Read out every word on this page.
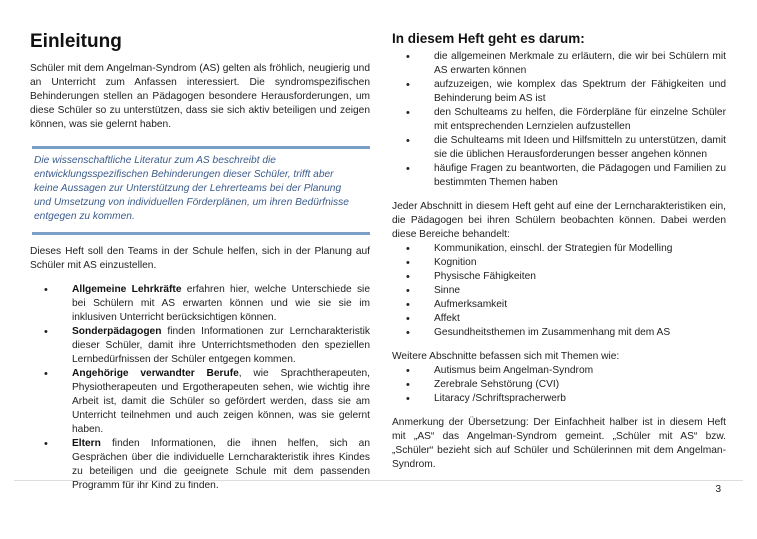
Einleitung

Schüler mit dem Angelman-Syndrom (AS) gelten als fröhlich, neugierig und an Unterricht zum Anfassen interessiert. Die syndromspezifischen Behinderungen stellen an Pädagogen besondere Herausforderungen, um diese Schüler so zu unterstützen, dass sie sich aktiv beteiligen und zeigen können, was sie gelernt haben.

Die wissenschaftliche Literatur zum AS beschreibt die entwicklungsspezifischen Behinderungen dieser Schüler, trifft aber keine Aussagen zur Unterstützung der Lehrerteams bei der Planung und Umsetzung von individuellen Förderplänen, um ihren Bedürfnisse entgegen zu kommen.

Dieses Heft soll den Teams in der Schule helfen, sich in der Planung auf Schüler mit AS einzustellen.

• Allgemeine Lehrkräfte erfahren hier, welche Unterschiede sie bei Schülern mit AS erwarten können und wie sie sie im inklusiven Unterricht berücksichtigen können.
• Sonderpädagogen finden Informationen zur Lerncharakteristik dieser Schüler, damit ihre Unterrichtsmethoden den speziellen Lernbedürfnissen der Schüler entgegen kommen.
• Angehörige verwandter Berufe, wie Sprachtherapeuten, Physiotherapeuten und Ergotherapeuten sehen, wie wichtig ihre Arbeit ist, damit die Schüler so gefördert werden, dass sie am Unterricht teilnehmen und auch zeigen können, was sie gelernt haben.
• Eltern finden Informationen, die ihnen helfen, sich an Gesprächen über die individuelle Lerncharakteristik ihres Kindes zu beteiligen und die geeignete Schule mit dem passenden Programm für ihr Kind zu finden.
In diesem Heft geht es darum:
• die allgemeinen Merkmale zu erläutern, die wir bei Schülern mit AS erwarten können
• aufzuzeigen, wie komplex das Spektrum der Fähigkeiten und Behinderung beim AS ist
• den Schulteams zu helfen, die Förderpläne für einzelne Schüler mit entsprechenden Lernzielen aufzustellen
• die Schulteams mit Ideen und Hilfsmitteln zu unterstützen, damit sie die üblichen Herausforderungen besser angehen können
• häufige Fragen zu beantworten, die Pädagogen und Familien zu bestimmten Themen haben

Jeder Abschnitt in diesem Heft geht auf eine der Lerncharakteristiken ein, die Pädagogen bei ihren Schülern beobachten können. Dabei werden diese Bereiche behandelt:

• Kommunikation, einschl. der Strategien für Modelling
• Kognition
• Physische Fähigkeiten
• Sinne
• Aufmerksamkeit
• Affekt
• Gesundheitsthemen im Zusammenhang mit dem AS

Weitere Abschnitte befassen sich mit Themen wie:

• Autismus beim Angelman-Syndrom
• Zerebrale Sehstörung (CVI)
• Litaracy /Schriftspracherwerb

Anmerkung der Übersetzung: Der Einfachheit halber ist in diesem Heft mit „AS“ das Angelman-Syndrom gemeint. „Schüler mit AS“ bzw. „Schüler“ bezieht sich auf Schüler und Schülerinnen mit dem Angelman-Syndrom.

3
